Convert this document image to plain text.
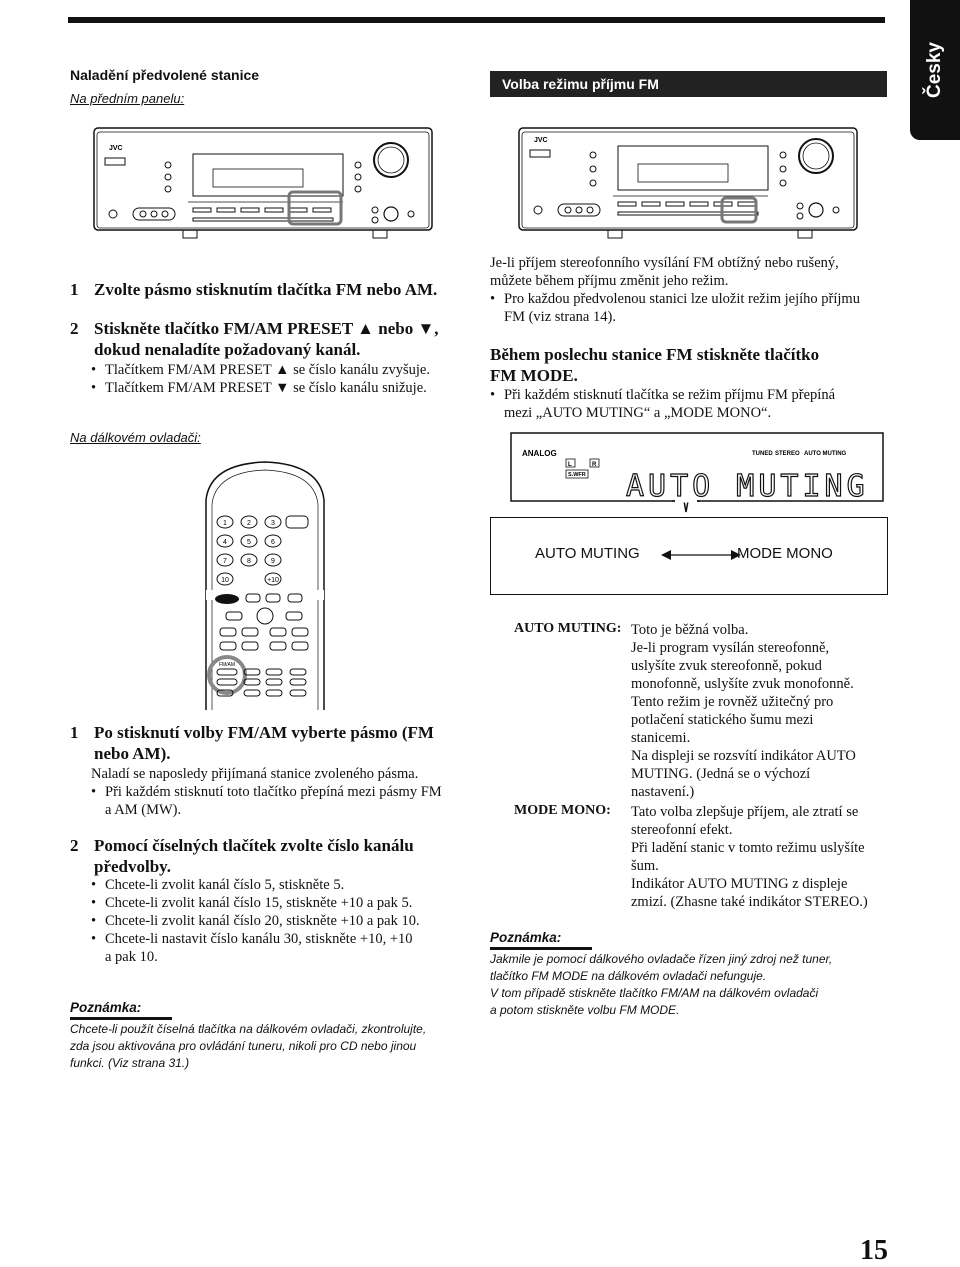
Česky
Naladění předvolené stanice
Na předním panelu:
Volba režimu příjmu FM
JVC
JVC
1 Zvolte pásmo stisknutím tlačítka FM nebo AM.
2 Stiskněte tlačítko FM/AM PRESET ▲ nebo ▼,
dokud nenaladíte požadovaný kanál.
• Tlačítkem FM/AM PRESET ▲ se číslo kanálu zvyšuje.
• Tlačítkem FM/AM PRESET ▼ se číslo kanálu snižuje.
Na dálkovém ovladači:
1	2	3
4	5	6
7	8	9
10	+10
FM/AM
1 Po stisknutí volby FM/AM vyberte pásmo (FM
nebo AM).
Naladí se naposledy přijímaná stanice zvoleného pásma.
• Při každém stisknutí toto tlačítko přepíná mezi pásmy FM
a AM (MW).
2 Pomocí číselných tlačítek zvolte číslo kanálu
předvolby.
• Chcete-li zvolit kanál číslo 5, stiskněte 5.
• Chcete-li zvolit kanál číslo 15, stiskněte +10 a pak 5.
• Chcete-li zvolit kanál číslo 20, stiskněte +10 a pak 10.
• Chcete-li nastavit číslo kanálu 30, stiskněte +10, +10
a pak 10.
Poznámka:
Chcete-li použít číselná tlačítka na dálkovém ovladači, zkontrolujte,
zda jsou aktivována pro ovládání tuneru, nikoli pro CD nebo jinou
funkci. (Viz strana 31.)
Je-li příjem stereofonního vysílání FM obtížný nebo rušený,
můžete během příjmu změnit jeho režim.
• Pro každou předvolenou stanici lze uložit režim jejího příjmu
FM (viz strana 14).
Během poslechu stanice FM stiskněte tlačítko
FM MODE.
• Při každém stisknutí tlačítka se režim příjmu FM přepíná
mezi „AUTO MUTING“ a „MODE MONO“.
ANALOG
L	R
S.WFR
TUNED STEREO AUTO MUTING
AUTO MUTING
AUTO MUTING	MODE MONO
AUTO MUTING: Toto je běžná volba.
Je-li program vysílán stereofonně,
uslyšíte zvuk stereofonně, pokud
monofonně, uslyšíte zvuk monofonně.
Tento režim je rovněž užitečný pro
potlačení statického šumu mezi
stanicemi.
Na displeji se rozsvítí indikátor AUTO
MUTING. (Jedná se o výchozí
nastavení.)
MODE MONO: Tato volba zlepšuje příjem, ale ztratí se
stereofonní efekt.
Při ladění stanic v tomto režimu uslyšíte
šum.
Indikátor AUTO MUTING z displeje
zmizí. (Zhasne také indikátor STEREO.)
Poznámka:
Jakmile je pomocí dálkového ovladače řízen jiný zdroj než tuner,
tlačítko FM MODE na dálkovém ovladači nefunguje.
V tom případě stiskněte tlačítko FM/AM na dálkovém ovladači
a potom stiskněte volbu FM MODE.
15
